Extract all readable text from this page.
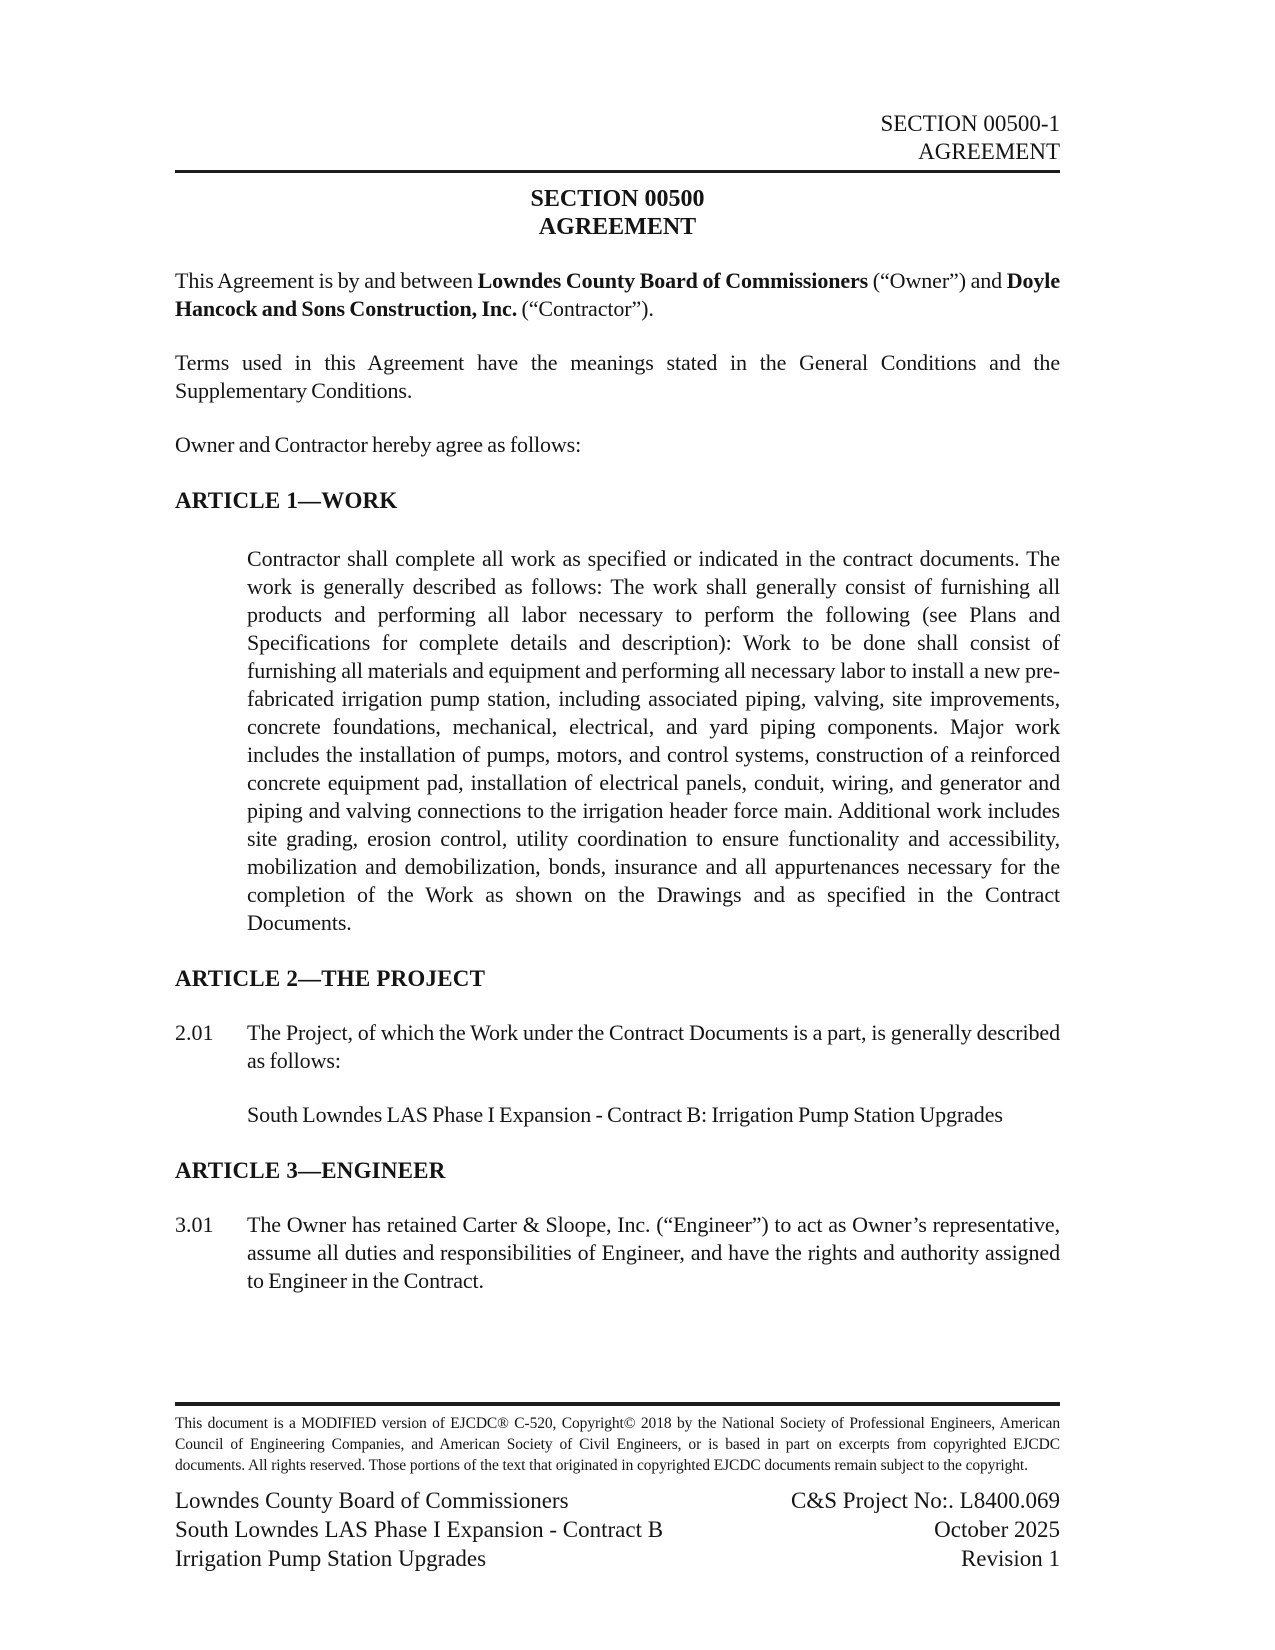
SECTION 00500-1
AGREEMENT
SECTION 00500
AGREEMENT

This Agreement is by and between Lowndes County Board of Commissioners (“Owner”) and Doyle Hancock and Sons Construction, Inc. (“Contractor”).

Terms used in this Agreement have the meanings stated in the General Conditions and the Supplementary Conditions.

Owner and Contractor hereby agree as follows:

ARTICLE 1—WORK

Contractor shall complete all work as specified or indicated in the contract documents. The work is generally described as follows: The work shall generally consist of furnishing all products and performing all labor necessary to perform the following (see Plans and Specifications for complete details and description): Work to be done shall consist of furnishing all materials and equipment and performing all necessary labor to install a new pre-fabricated irrigation pump station, including associated piping, valving, site improvements, concrete foundations, mechanical, electrical, and yard piping components. Major work includes the installation of pumps, motors, and control systems, construction of a reinforced concrete equipment pad, installation of electrical panels, conduit, wiring, and generator and piping and valving connections to the irrigation header force main. Additional work includes site grading, erosion control, utility coordination to ensure functionality and accessibility, mobilization and demobilization, bonds, insurance and all appurtenances necessary for the completion of the Work as shown on the Drawings and as specified in the Contract Documents.

ARTICLE 2—THE PROJECT
2.01	The Project, of which the Work under the Contract Documents is a part, is generally described as follows:

South Lowndes LAS Phase I Expansion - Contract B: Irrigation Pump Station Upgrades

ARTICLE 3—ENGINEER
3.01	The Owner has retained Carter & Sloope, Inc. (“Engineer”) to act as Owner’s representative, assume all duties and responsibilities of Engineer, and have the rights and authority assigned to Engineer in the Contract.

This document is a MODIFIED version of EJCDC® C-520, Copyright© 2018 by the National Society of Professional Engineers, American Council of Engineering Companies, and American Society of Civil Engineers, or is based in part on excerpts from copyrighted EJCDC documents. All rights reserved. Those portions of the text that originated in copyrighted EJCDC documents remain subject to the copyright.

Lowndes County Board of Commissioners
South Lowndes LAS Phase I Expansion - Contract B
Irrigation Pump Station Upgrades
C&S Project No:. L8400.069
October 2025
Revision 1
